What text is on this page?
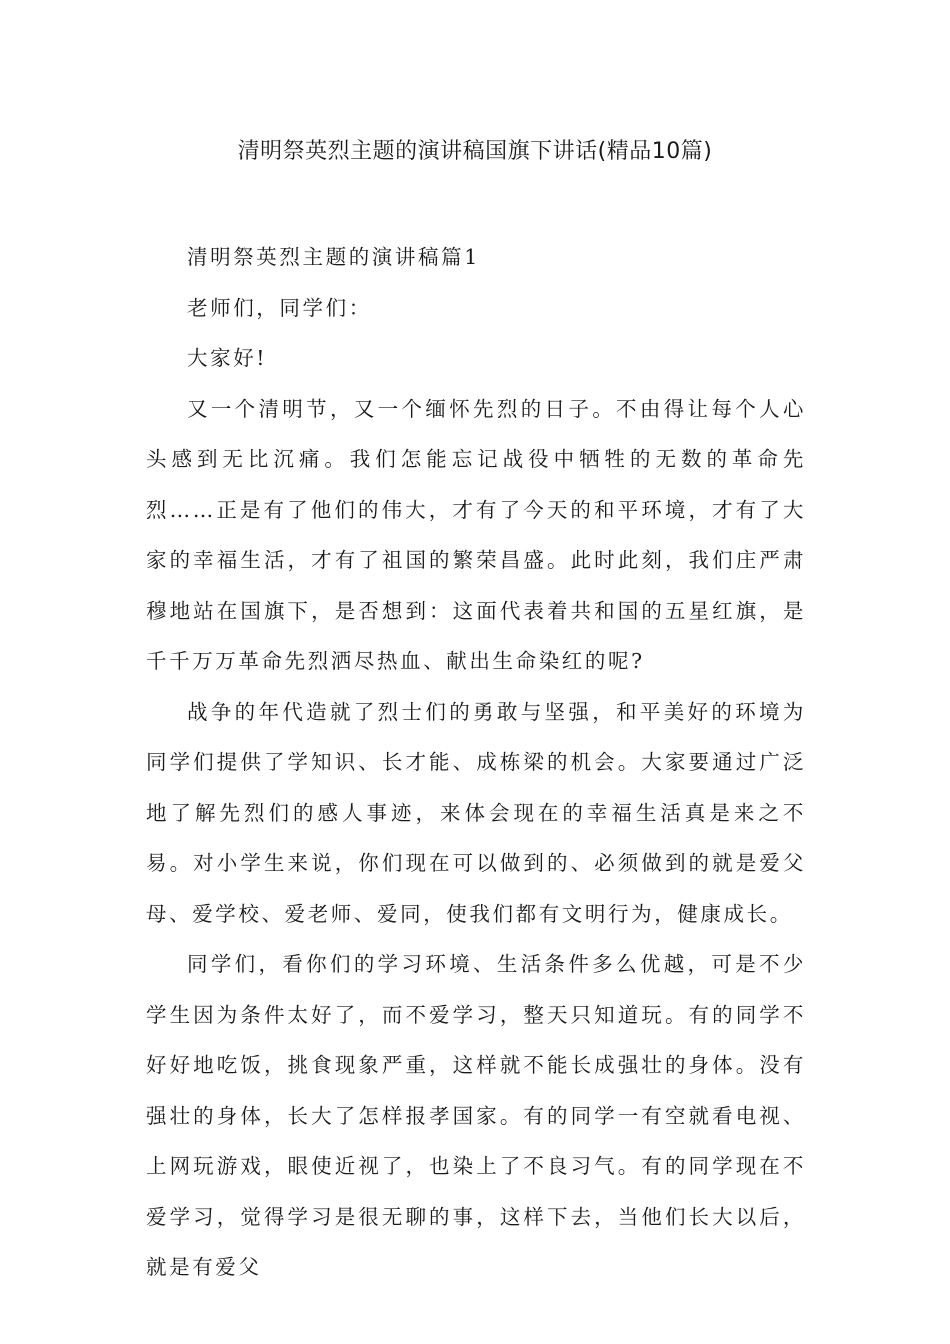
清明祭英烈主题的演讲稿国旗下讲话(精品10篇)

清明祭英烈主题的演讲稿篇1

老师们，同学们：

大家好!

又一个清明节，又一个缅怀先烈的日子。不由得让每个人心头感到无比沉痛。我们怎能忘记战役中牺牲的无数的革命先烈……正是有了他们的伟大，才有了今天的和平环境，才有了大家的幸福生活，才有了祖国的繁荣昌盛。此时此刻，我们庄严肃穆地站在国旗下，是否想到：这面代表着共和国的五星红旗，是千千万万革命先烈洒尽热血、献出生命染红的呢?

战争的年代造就了烈士们的勇敢与坚强，和平美好的环境为同学们提供了学知识、长才能、成栋梁的机会。大家要通过广泛地了解先烈们的感人事迹，来体会现在的幸福生活真是来之不易。对小学生来说，你们现在可以做到的、必须做到的就是爱父母、爱学校、爱老师、爱同，使我们都有文明行为，健康成长。

同学们，看你们的学习环境、生活条件多么优越，可是不少学生因为条件太好了，而不爱学习，整天只知道玩。有的同学不好好地吃饭，挑食现象严重，这样就不能长成强壮的身体。没有强壮的身体，长大了怎样报孝国家。有的同学一有空就看电视、上网玩游戏，眼使近视了，也染上了不良习气。有的同学现在不爱学习，觉得学习是很无聊的事，这样下去，当他们长大以后，就是有爱父
